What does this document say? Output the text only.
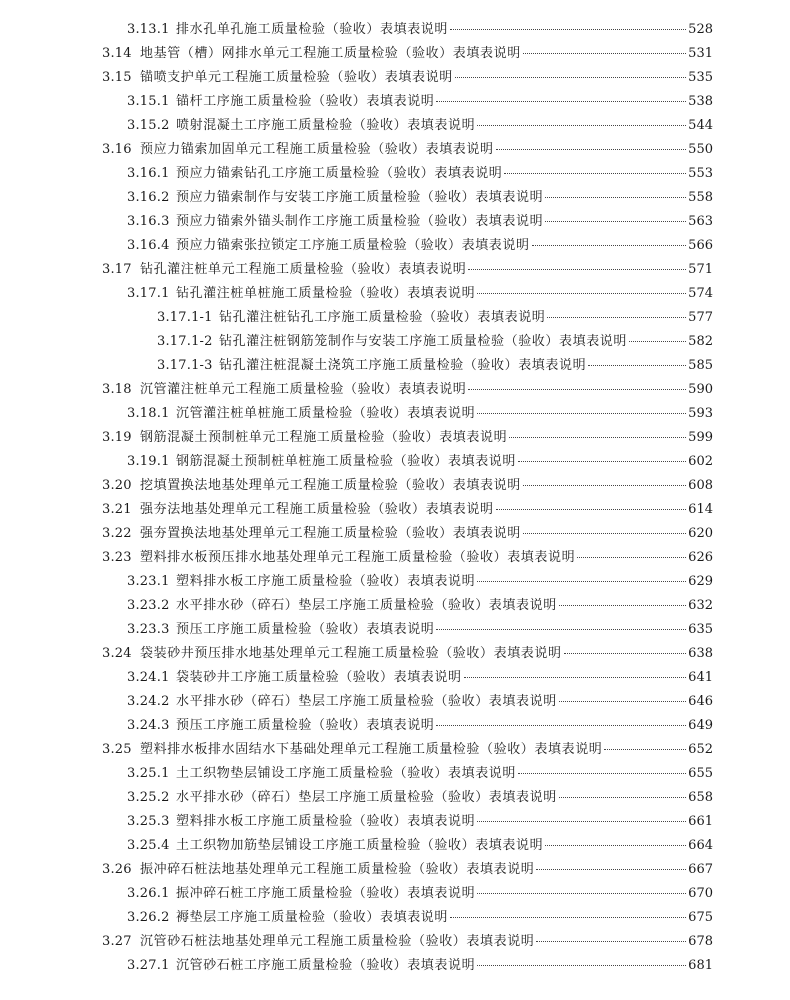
3.13.1 排水孔单孔施工质量检验（验收）表填表说明	528
3.14 地基管（槽）网排水单元工程施工质量检验（验收）表填表说明	531
3.15 锚喷支护单元工程施工质量检验（验收）表填表说明	535
3.15.1 锚杆工序施工质量检验（验收）表填表说明	538
3.15.2 喷射混凝土工序施工质量检验（验收）表填表说明	544
3.16 预应力锚索加固单元工程施工质量检验（验收）表填表说明	550
3.16.1 预应力锚索钻孔工序施工质量检验（验收）表填表说明	553
3.16.2 预应力锚索制作与安装工序施工质量检验（验收）表填表说明	558
3.16.3 预应力锚索外锚头制作工序施工质量检验（验收）表填表说明	563
3.16.4 预应力锚索张拉锁定工序施工质量检验（验收）表填表说明	566
3.17 钻孔灌注桩单元工程施工质量检验（验收）表填表说明	571
3.17.1 钻孔灌注桩单桩施工质量检验（验收）表填表说明	574
3.17.1-1 钻孔灌注桩钻孔工序施工质量检验（验收）表填表说明	577
3.17.1-2 钻孔灌注桩钢筋笼制作与安装工序施工质量检验（验收）表填表说明	582
3.17.1-3 钻孔灌注桩混凝土浇筑工序施工质量检验（验收）表填表说明	585
3.18 沉管灌注桩单元工程施工质量检验（验收）表填表说明	590
3.18.1 沉管灌注桩单桩施工质量检验（验收）表填表说明	593
3.19 钢筋混凝土预制桩单元工程施工质量检验（验收）表填表说明	599
3.19.1 钢筋混凝土预制桩单桩施工质量检验（验收）表填表说明	602
3.20 挖填置换法地基处理单元工程施工质量检验（验收）表填表说明	608
3.21 强夯法地基处理单元工程施工质量检验（验收）表填表说明	614
3.22 强夯置换法地基处理单元工程施工质量检验（验收）表填表说明	620
3.23 塑料排水板预压排水地基处理单元工程施工质量检验（验收）表填表说明	626
3.23.1 塑料排水板工序施工质量检验（验收）表填表说明	629
3.23.2 水平排水砂（碎石）垫层工序施工质量检验（验收）表填表说明	632
3.23.3 预压工序施工质量检验（验收）表填表说明	635
3.24 袋装砂井预压排水地基处理单元工程施工质量检验（验收）表填表说明	638
3.24.1 袋装砂井工序施工质量检验（验收）表填表说明	641
3.24.2 水平排水砂（碎石）垫层工序施工质量检验（验收）表填表说明	646
3.24.3 预压工序施工质量检验（验收）表填表说明	649
3.25 塑料排水板排水固结水下基础处理单元工程施工质量检验（验收）表填表说明	652
3.25.1 土工织物垫层铺设工序施工质量检验（验收）表填表说明	655
3.25.2 水平排水砂（碎石）垫层工序施工质量检验（验收）表填表说明	658
3.25.3 塑料排水板工序施工质量检验（验收）表填表说明	661
3.25.4 土工织物加筋垫层铺设工序施工质量检验（验收）表填表说明	664
3.26 振冲碎石桩法地基处理单元工程施工质量检验（验收）表填表说明	667
3.26.1 振冲碎石桩工序施工质量检验（验收）表填表说明	670
3.26.2 褥垫层工序施工质量检验（验收）表填表说明	675
3.27 沉管砂石桩法地基处理单元工程施工质量检验（验收）表填表说明	678
3.27.1 沉管砂石桩工序施工质量检验（验收）表填表说明	681
